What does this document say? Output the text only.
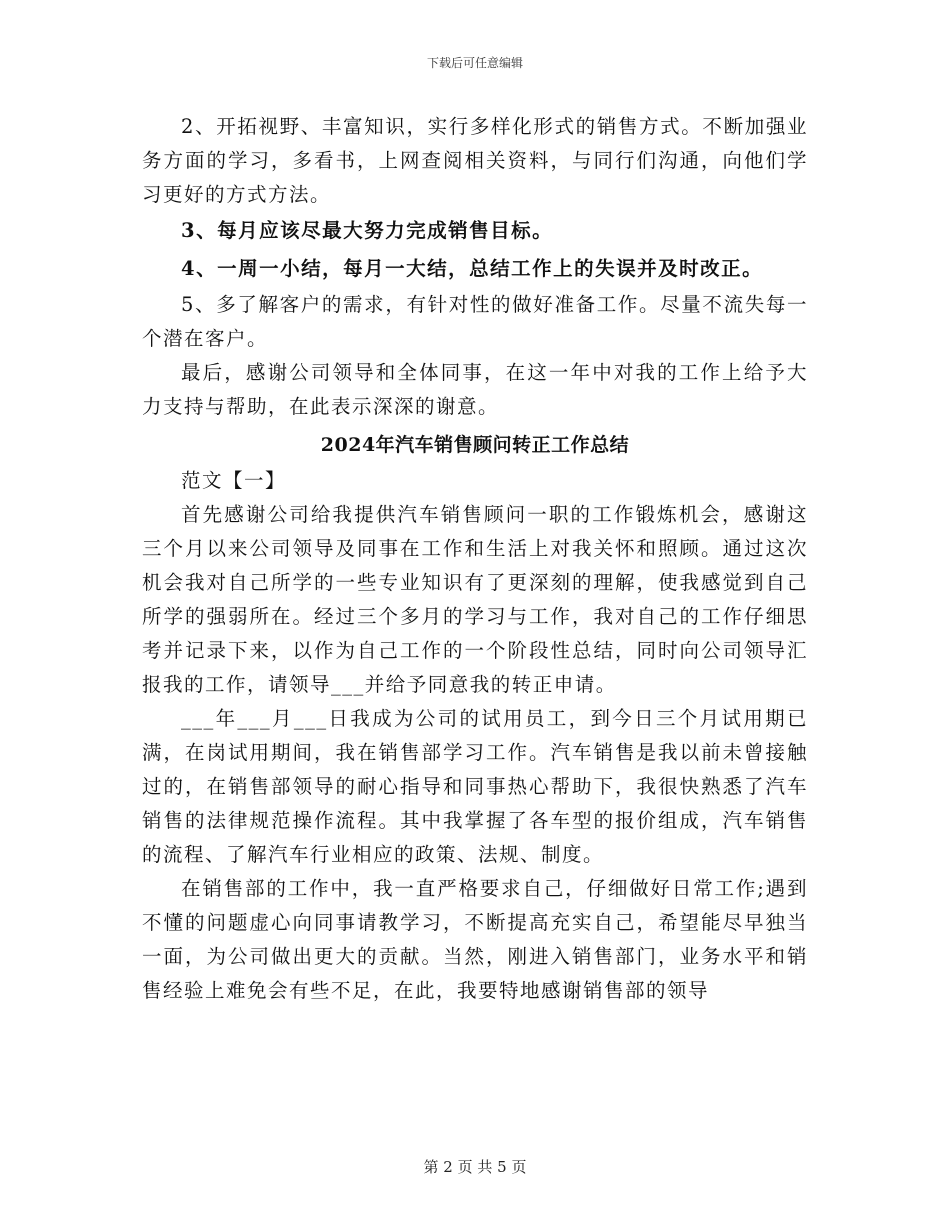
下载后可任意编辑

2、开拓视野、丰富知识，实行多样化形式的销售方式。不断加强业务方面的学习，多看书，上网查阅相关资料，与同行们沟通，向他们学习更好的方式方法。

3、每月应该尽最大努力完成销售目标。

4、一周一小结，每月一大结，总结工作上的失误并及时改正。

5、多了解客户的需求，有针对性的做好准备工作。尽量不流失每一个潜在客户。

最后，感谢公司领导和全体同事，在这一年中对我的工作上给予大力支持与帮助，在此表示深深的谢意。

2024年汽车销售顾问转正工作总结

范文【一】

首先感谢公司给我提供汽车销售顾问一职的工作锻炼机会，感谢这三个月以来公司领导及同事在工作和生活上对我关怀和照顾。通过这次机会我对自己所学的一些专业知识有了更深刻的理解，使我感觉到自己所学的强弱所在。经过三个多月的学习与工作，我对自己的工作仔细思考并记录下来，以作为自己工作的一个阶段性总结，同时向公司领导汇报我的工作，请领导___并给予同意我的转正申请。

___年___月___日我成为公司的试用员工，到今日三个月试用期已满，在岗试用期间，我在销售部学习工作。汽车销售是我以前未曾接触过的，在销售部领导的耐心指导和同事热心帮助下，我很快熟悉了汽车销售的法律规范操作流程。其中我掌握了各车型的报价组成，汽车销售的流程、了解汽车行业相应的政策、法规、制度。

在销售部的工作中，我一直严格要求自己，仔细做好日常工作;遇到不懂的问题虚心向同事请教学习，不断提高充实自己，希望能尽早独当一面，为公司做出更大的贡献。当然，刚进入销售部门，业务水平和销售经验上难免会有些不足，在此，我要特地感谢销售部的领导

第 2 页 共 5 页
